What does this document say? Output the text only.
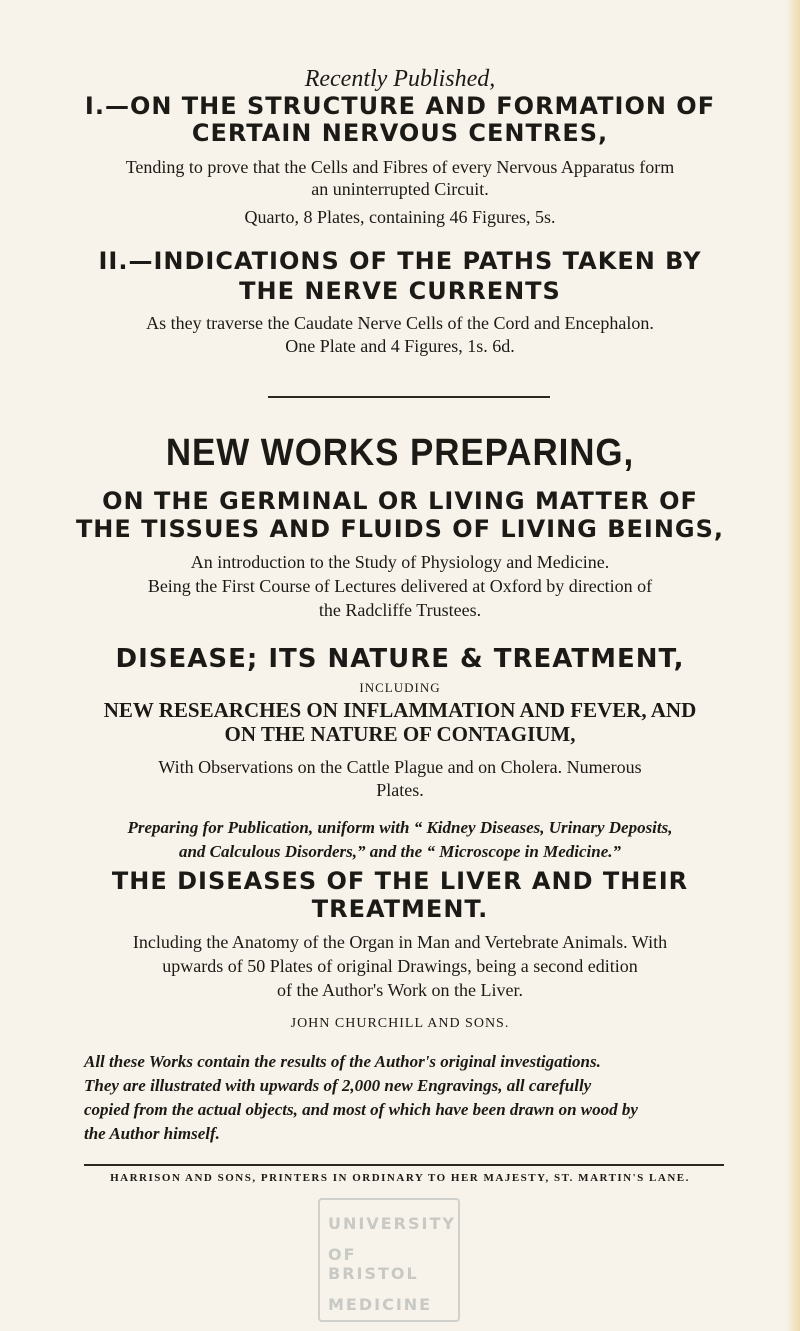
Recently Published,
I.—ON THE STRUCTURE AND FORMATION OF
CERTAIN NERVOUS CENTRES,
Tending to prove that the Cells and Fibres of every Nervous Apparatus form
an uninterrupted Circuit.
Quarto, 8 Plates, containing 46 Figures, 5s.
II.—INDICATIONS OF THE PATHS TAKEN BY
THE NERVE CURRENTS
As they traverse the Caudate Nerve Cells of the Cord and Encephalon.
One Plate and 4 Figures, 1s. 6d.
NEW WORKS PREPARING,
ON THE GERMINAL OR LIVING MATTER OF
THE TISSUES AND FLUIDS OF LIVING BEINGS,
An introduction to the Study of Physiology and Medicine.
Being the First Course of Lectures delivered at Oxford by direction of
the Radcliffe Trustees.
DISEASE; ITS NATURE & TREATMENT,
INCLUDING
NEW RESEARCHES ON INFLAMMATION AND FEVER, AND
ON THE NATURE OF CONTAGIUM,
With Observations on the Cattle Plague and on Cholera. Numerous
Plates.
Preparing for Publication, uniform with “ Kidney Diseases, Urinary Deposits,
and Calculous Disorders,” and the “ Microscope in Medicine.”
THE DISEASES OF THE LIVER AND THEIR
TREATMENT.
Including the Anatomy of the Organ in Man and Vertebrate Animals. With
upwards of 50 Plates of original Drawings, being a second edition
of the Author's Work on the Liver.
JOHN CHURCHILL AND SONS.
All these Works contain the results of the Author's original investigations.
They are illustrated with upwards of 2,000 new Engravings, all carefully
copied from the actual objects, and most of which have been drawn on wood by
the Author himself.
HARRISON AND SONS, PRINTERS IN ORDINARY TO HER MAJESTY, ST. MARTIN'S LANE.
UNIVERSITY
OF BRISTOL
MEDICINE
